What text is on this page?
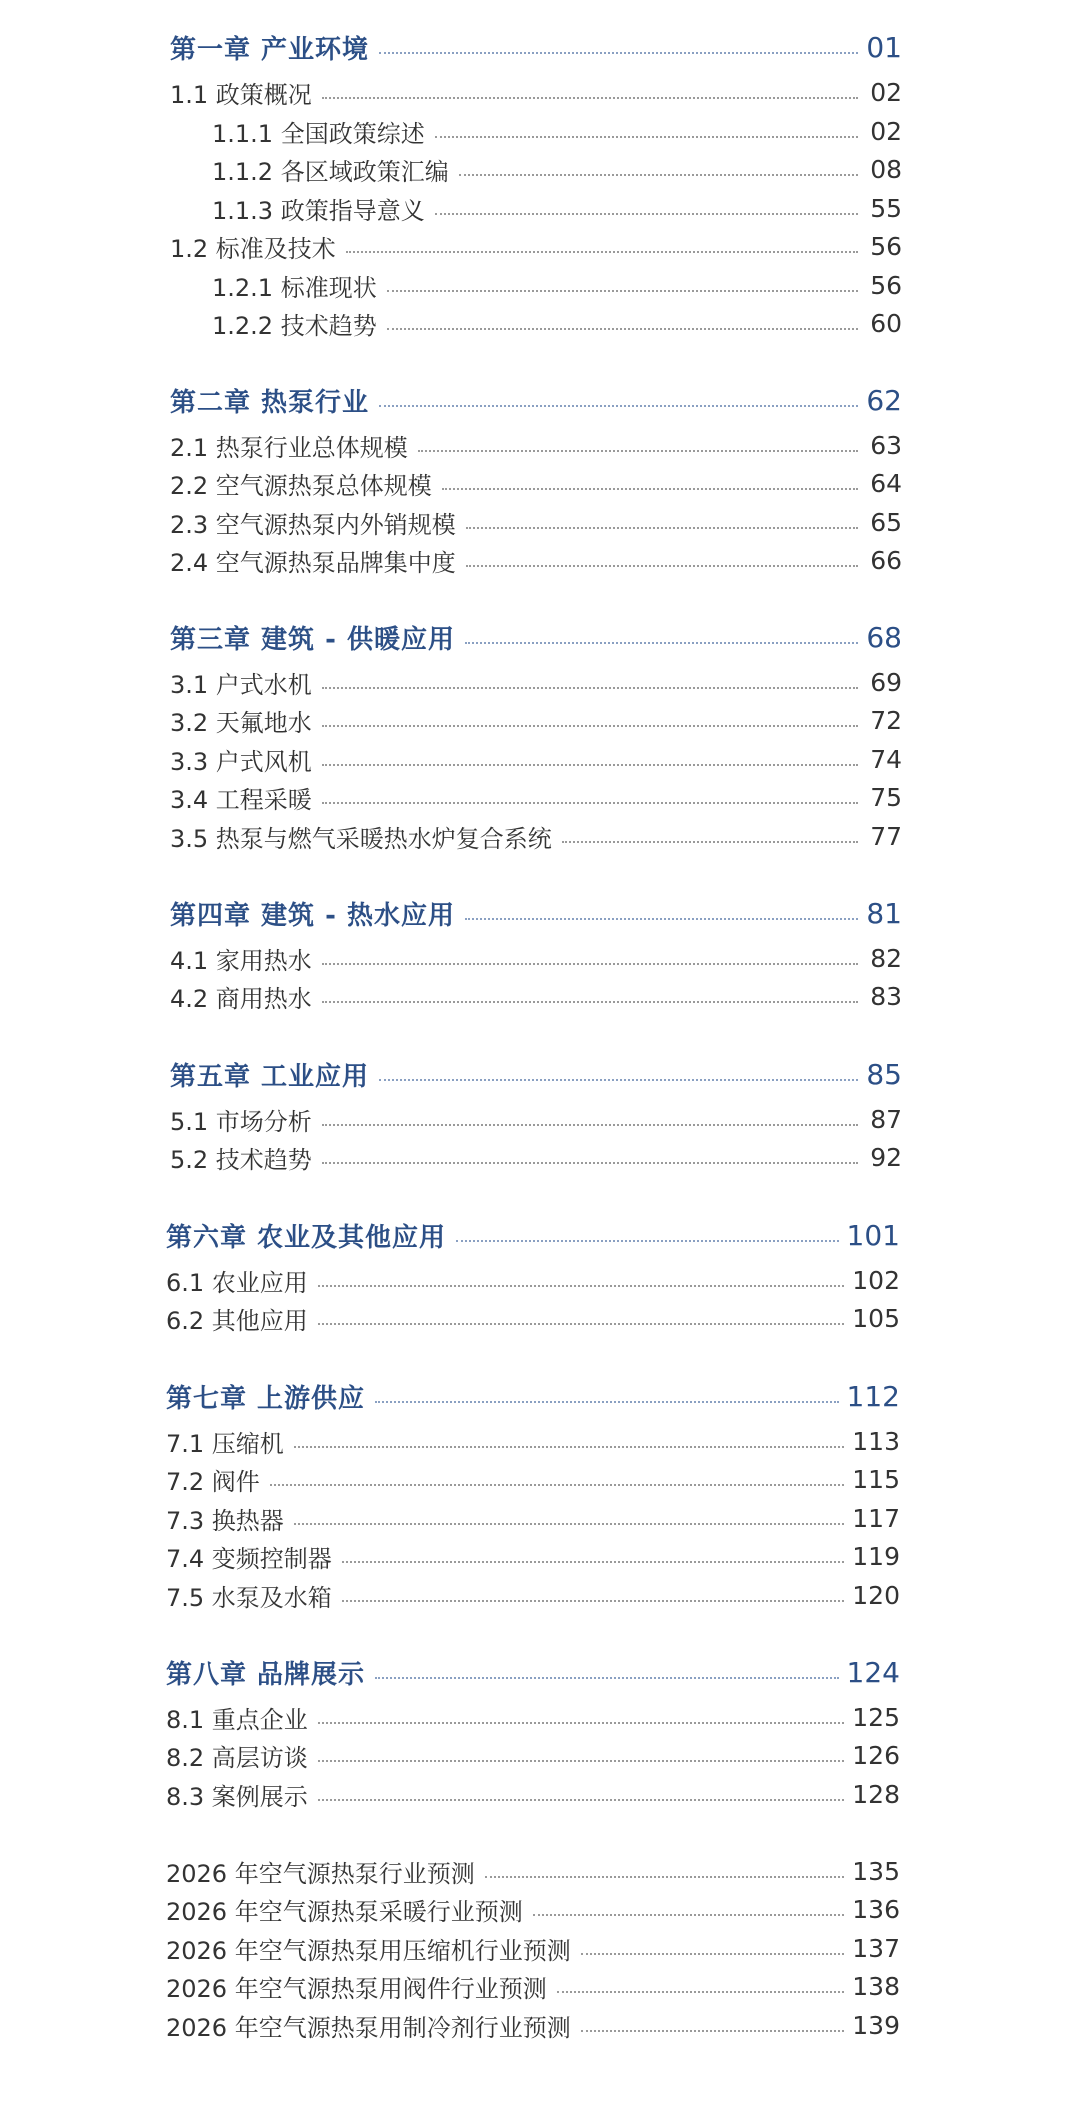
第一章 产业环境	01
1.1 政策概况	02
1.1.1 全国政策综述	02
1.1.2 各区域政策汇编	08
1.1.3 政策指导意义	55
1.2 标准及技术	56
1.2.1 标准现状	56
1.2.2 技术趋势	60
第二章 热泵行业	62
2.1 热泵行业总体规模	63
2.2 空气源热泵总体规模	64
2.3 空气源热泵内外销规模	65
2.4 空气源热泵品牌集中度	66
第三章 建筑 - 供暖应用	68
3.1 户式水机	69
3.2 天氟地水	72
3.3 户式风机	74
3.4 工程采暖	75
3.5 热泵与燃气采暖热水炉复合系统	77
第四章 建筑 - 热水应用	81
4.1 家用热水	82
4.2 商用热水	83
第五章 工业应用	85
5.1 市场分析	87
5.2 技术趋势	92
第六章 农业及其他应用	101
6.1 农业应用	102
6.2 其他应用	105
第七章 上游供应	112
7.1 压缩机	113
7.2 阀件	115
7.3 换热器	117
7.4 变频控制器	119
7.5 水泵及水箱	120
第八章 品牌展示	124
8.1 重点企业	125
8.2 高层访谈	126
8.3 案例展示	128
2026 年空气源热泵行业预测	135
2026 年空气源热泵采暖行业预测	136
2026 年空气源热泵用压缩机行业预测	137
2026 年空气源热泵用阀件行业预测	138
2026 年空气源热泵用制冷剂行业预测	139
